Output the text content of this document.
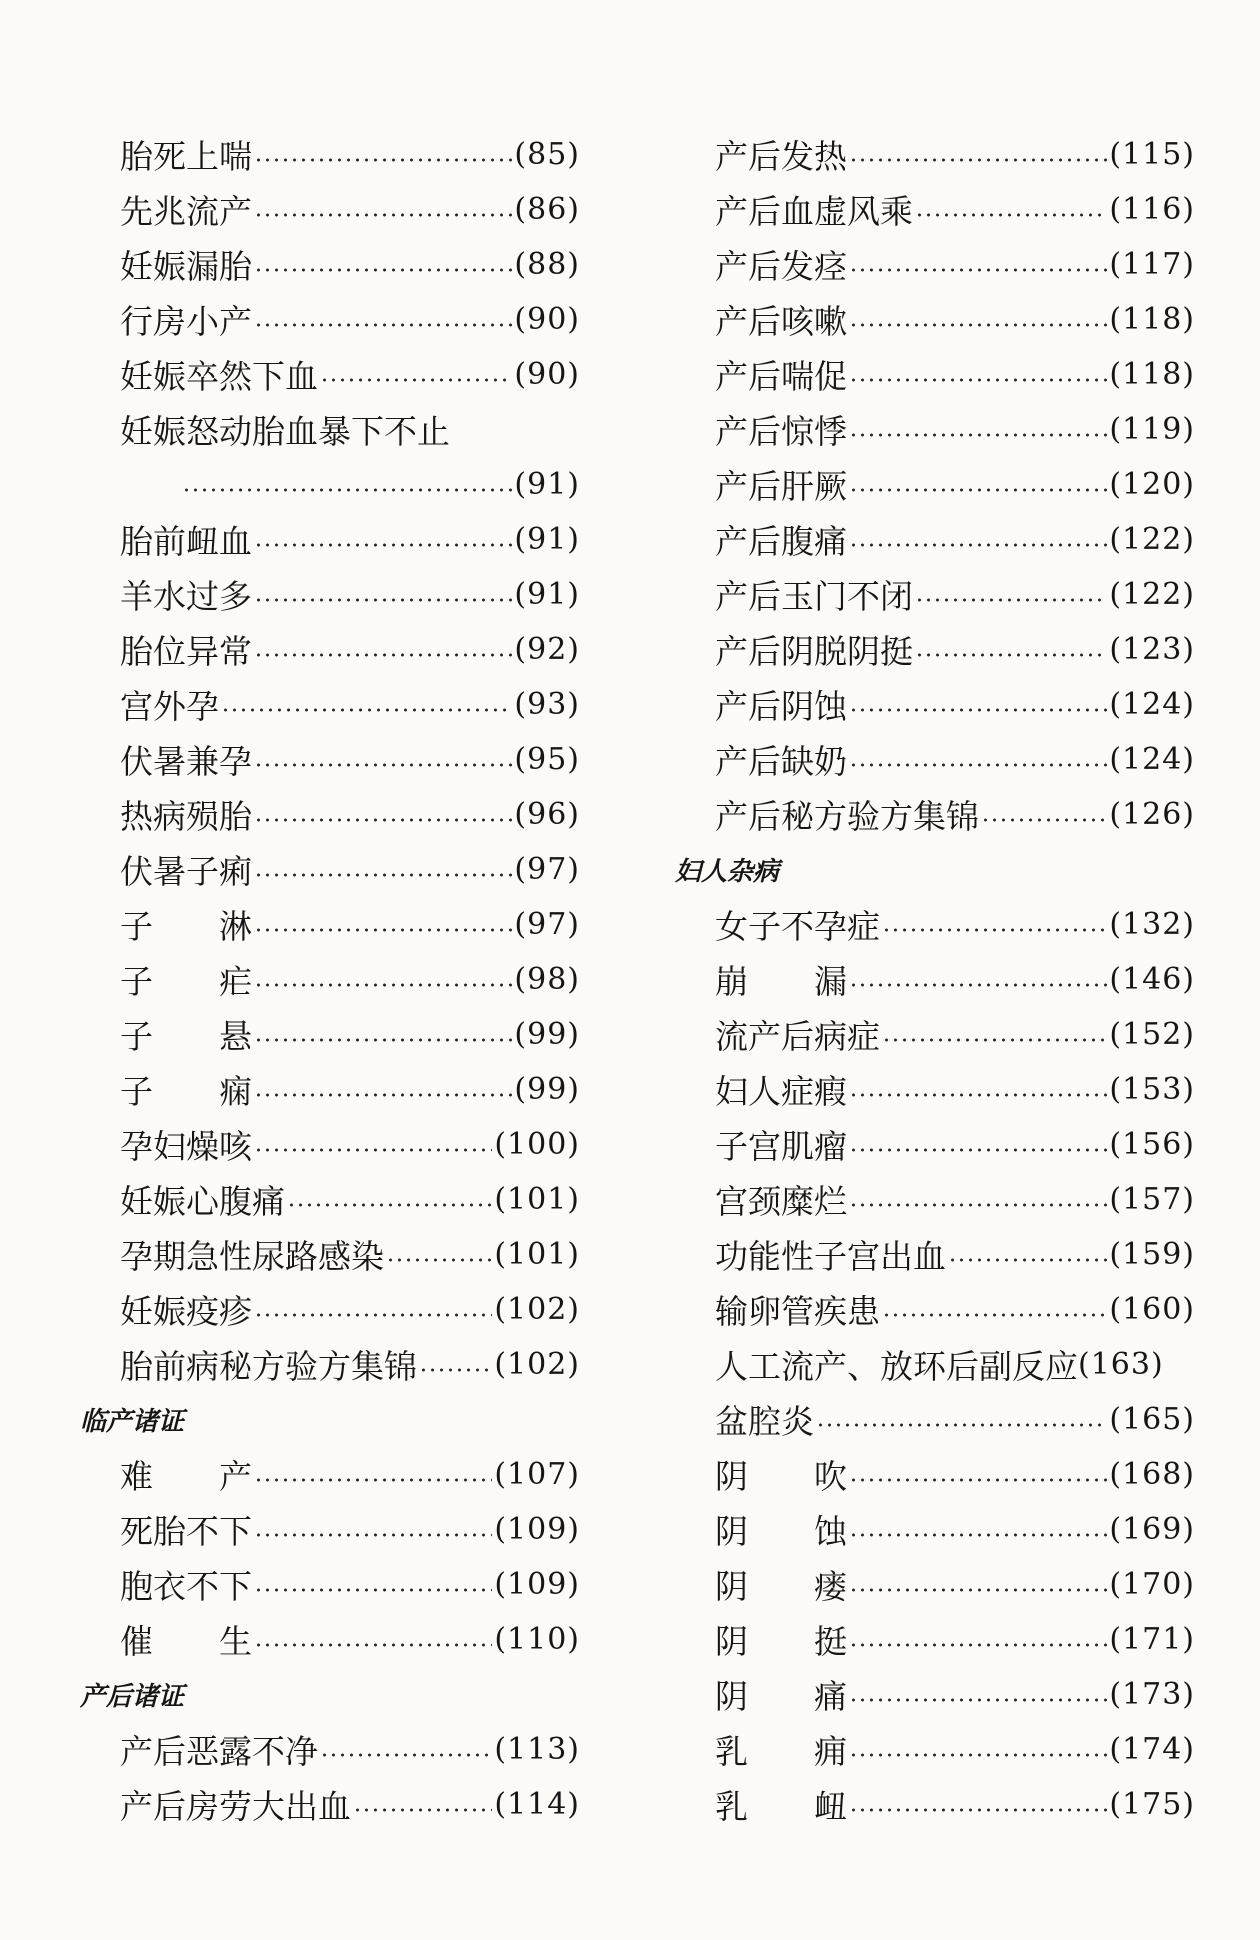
胎死上喘	(85)
先兆流产	(86)
妊娠漏胎	(88)
行房小产	(90)
妊娠卒然下血	(90)
妊娠怒动胎血暴下不止
(91)
胎前衄血	(91)
羊水过多	(91)
胎位异常	(92)
宫外孕	(93)
伏暑兼孕	(95)
热病殒胎	(96)
伏暑子痢	(97)
子　　淋	(97)
子　　疟	(98)
子　　悬	(99)
子　　痫	(99)
孕妇燥咳	(100)
妊娠心腹痛	(101)
孕期急性尿路感染	(101)
妊娠疫疹	(102)
胎前病秘方验方集锦	(102)
临产诸证
难　　产	(107)
死胎不下	(109)
胞衣不下	(109)
催　　生	(110)
产后诸证
产后恶露不净	(113)
产后房劳大出血	(114)
产后发热	(115)
产后血虚风乘	(116)
产后发痉	(117)
产后咳嗽	(118)
产后喘促	(118)
产后惊悸	(119)
产后肝厥	(120)
产后腹痛	(122)
产后玉门不闭	(122)
产后阴脱阴挺	(123)
产后阴蚀	(124)
产后缺奶	(124)
产后秘方验方集锦	(126)
妇人杂病
女子不孕症	(132)
崩　　漏	(146)
流产后病症	(152)
妇人症瘕	(153)
子宫肌瘤	(156)
宫颈糜烂	(157)
功能性子宫出血	(159)
输卵管疾患	(160)
人工流产、放环后副反应 (163)
盆腔炎	(165)
阴　　吹	(168)
阴　　蚀	(169)
阴　　瘘	(170)
阴　　挺	(171)
阴　　痛	(173)
乳　　痈	(174)
乳　　衄	(175)
